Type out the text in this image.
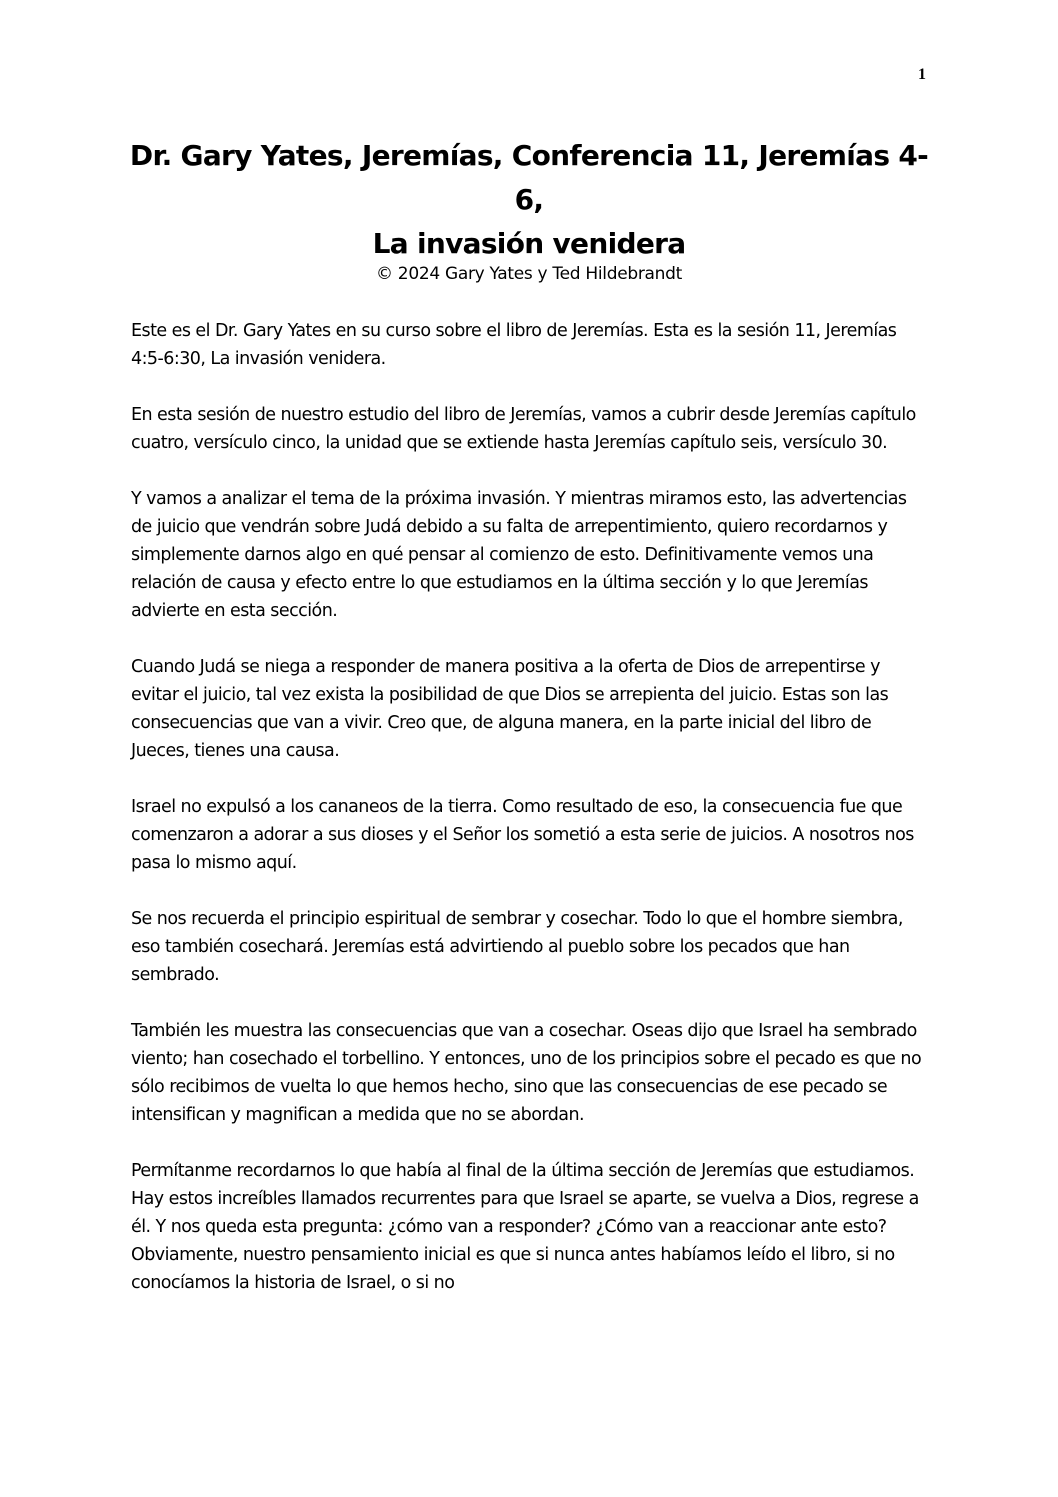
1
Dr. Gary Yates, Jeremías, Conferencia 11, Jeremías 4-
6,
La invasión venidera
© 2024 Gary Yates y Ted Hildebrandt

Este es el Dr. Gary Yates en su curso sobre el libro de Jeremías. Esta es la sesión 11, Jeremías 4:5-6:30, La invasión venidera.

En esta sesión de nuestro estudio del libro de Jeremías, vamos a cubrir desde Jeremías capítulo cuatro, versículo cinco, la unidad que se extiende hasta Jeremías capítulo seis, versículo 30.

Y vamos a analizar el tema de la próxima invasión. Y mientras miramos esto, las advertencias de juicio que vendrán sobre Judá debido a su falta de arrepentimiento, quiero recordarnos y simplemente darnos algo en qué pensar al comienzo de esto. Definitivamente vemos una relación de causa y efecto entre lo que estudiamos en la última sección y lo que Jeremías advierte en esta sección.

Cuando Judá se niega a responder de manera positiva a la oferta de Dios de arrepentirse y evitar el juicio, tal vez exista la posibilidad de que Dios se arrepienta del juicio. Estas son las consecuencias que van a vivir. Creo que, de alguna manera, en la parte inicial del libro de Jueces, tienes una causa.

Israel no expulsó a los cananeos de la tierra. Como resultado de eso, la consecuencia fue que comenzaron a adorar a sus dioses y el Señor los sometió a esta serie de juicios. A nosotros nos pasa lo mismo aquí.

Se nos recuerda el principio espiritual de sembrar y cosechar. Todo lo que el hombre siembra, eso también cosechará. Jeremías está advirtiendo al pueblo sobre los pecados que han sembrado.

También les muestra las consecuencias que van a cosechar. Oseas dijo que Israel ha sembrado viento; han cosechado el torbellino. Y entonces, uno de los principios sobre el pecado es que no sólo recibimos de vuelta lo que hemos hecho, sino que las consecuencias de ese pecado se intensifican y magnifican a medida que no se abordan.

Permítanme recordarnos lo que había al final de la última sección de Jeremías que estudiamos. Hay estos increíbles llamados recurrentes para que Israel se aparte, se vuelva a Dios, regrese a él. Y nos queda esta pregunta: ¿cómo van a responder? ¿Cómo van a reaccionar ante esto? Obviamente, nuestro pensamiento inicial es que si nunca antes habíamos leído el libro, si no conocíamos la historia de Israel, o si no
